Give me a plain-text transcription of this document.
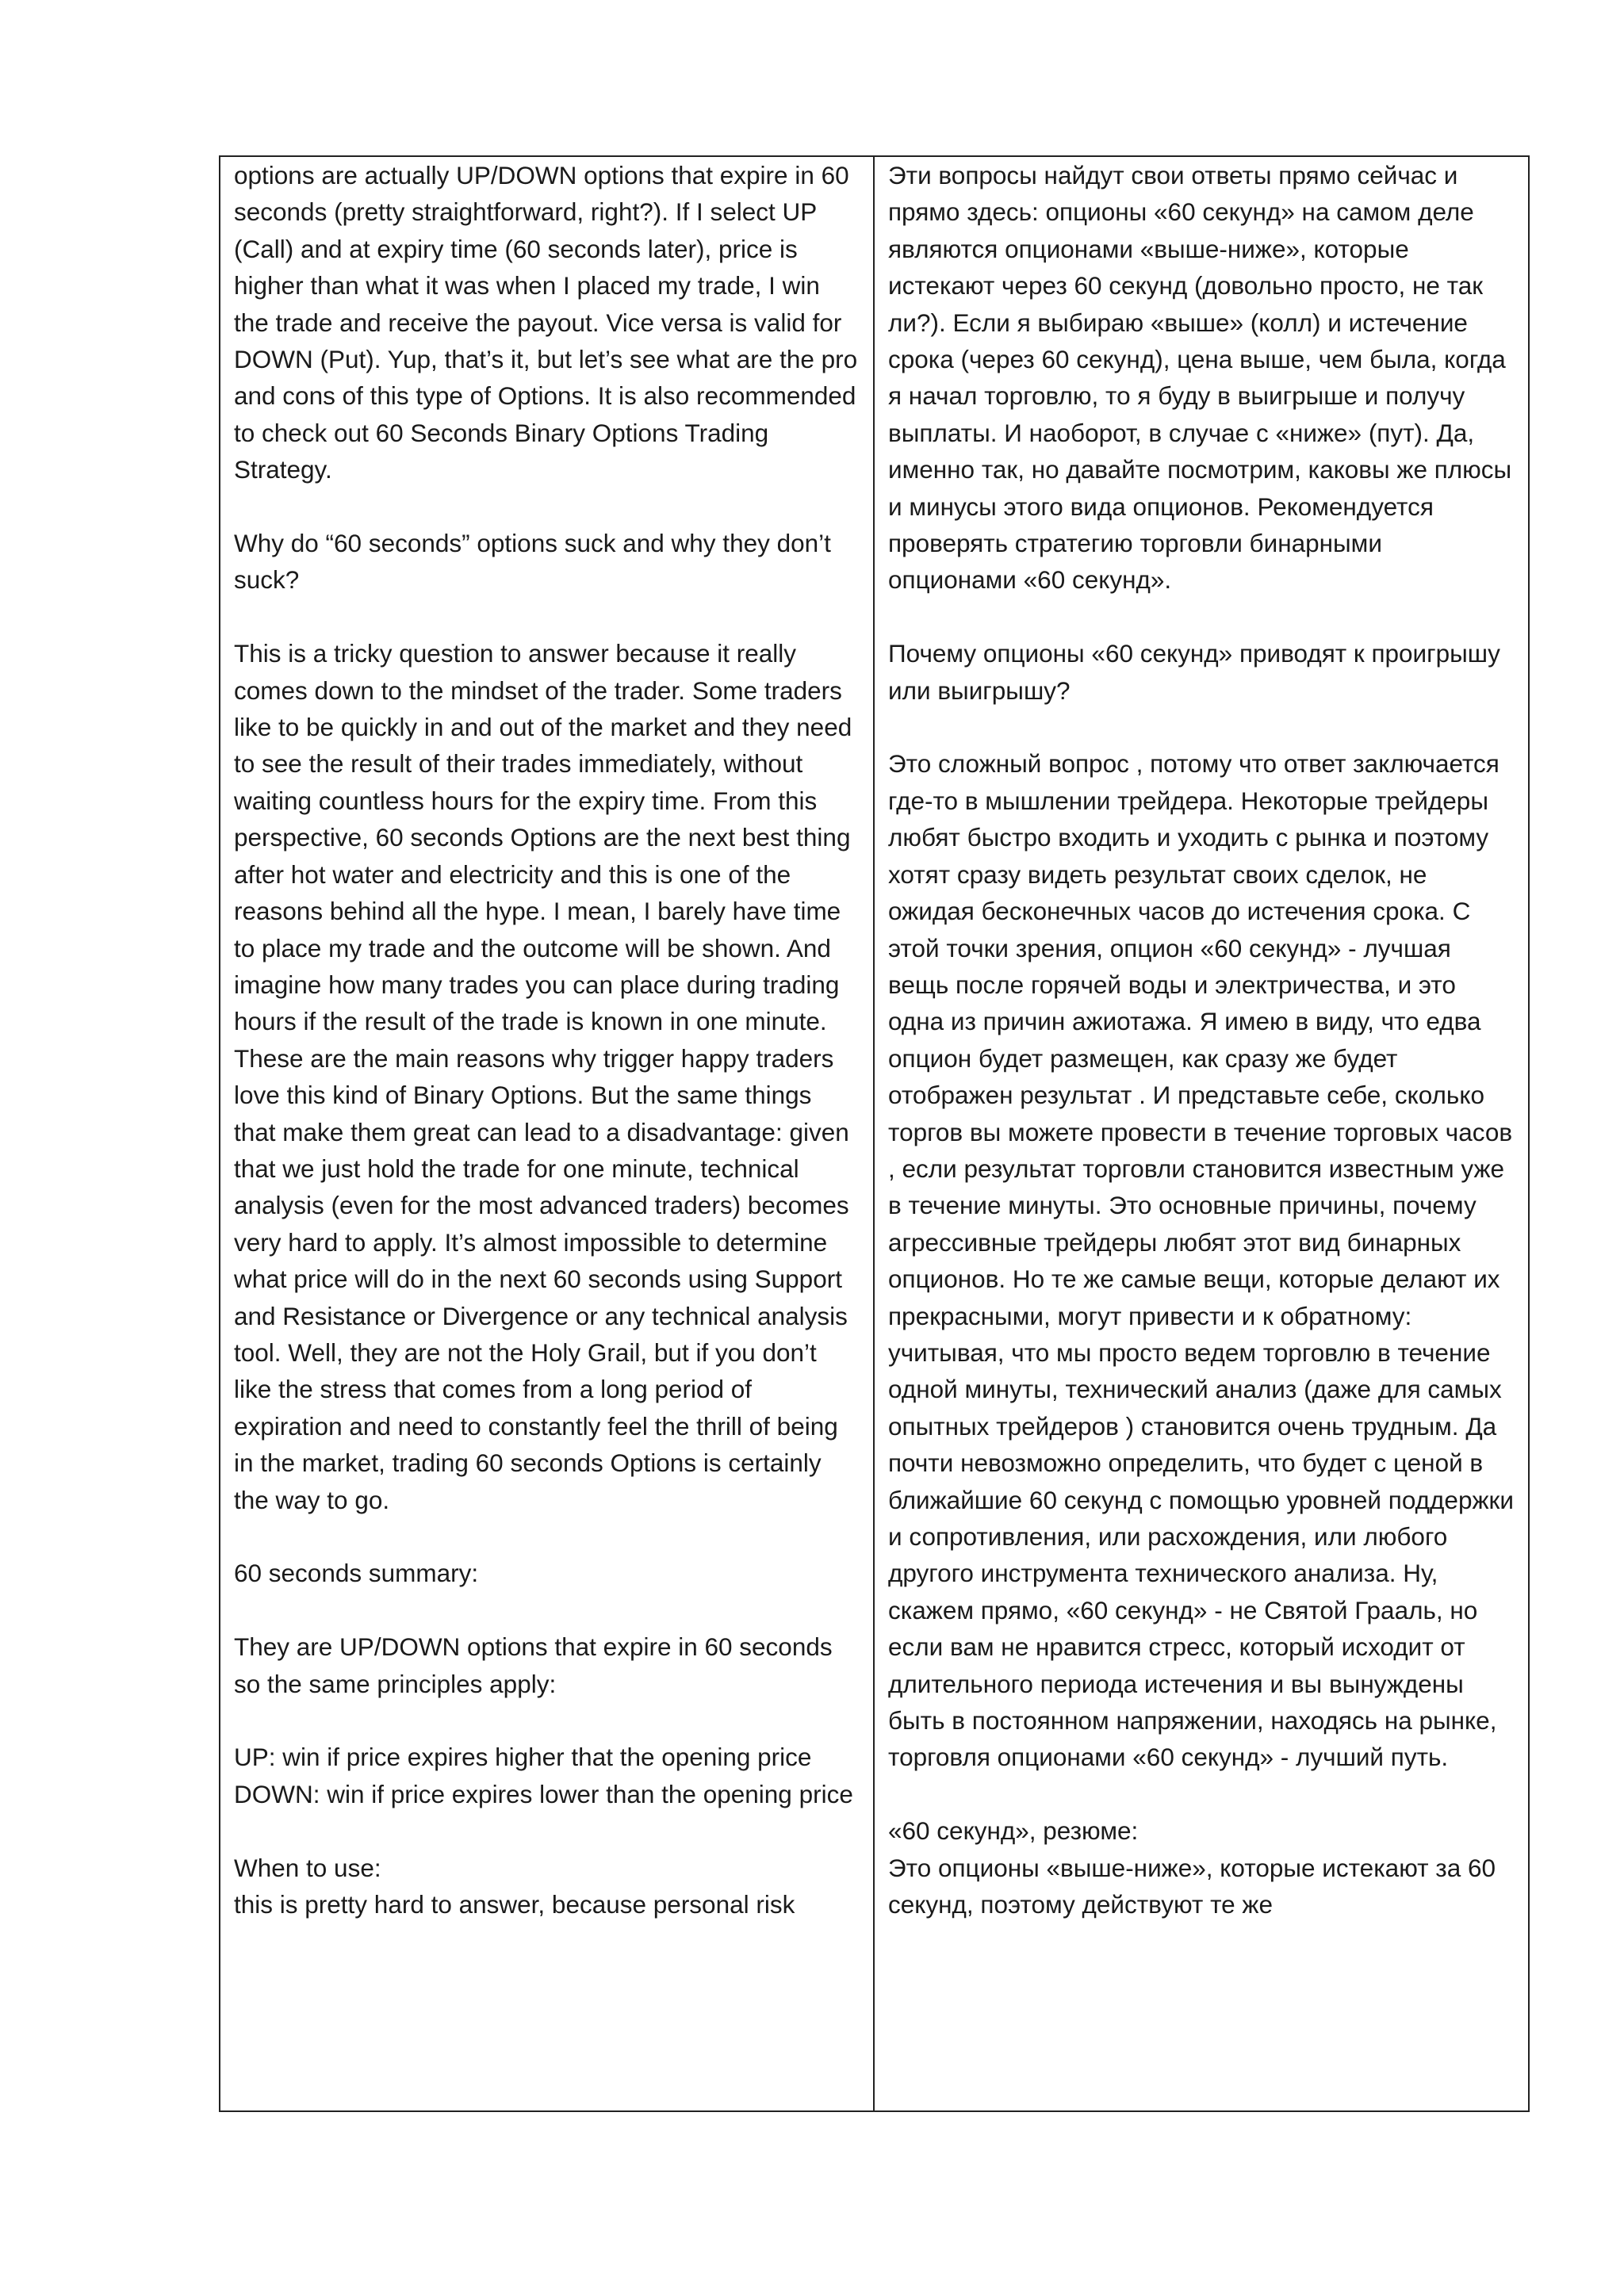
options are actually UP/DOWN options that expire in 60 seconds (pretty straightforward, right?). If I select UP (Call) and at expiry time (60 seconds later), price is higher than what it was when I placed my trade, I win the trade and receive the payout. Vice versa is valid for DOWN (Put). Yup, that’s it, but let’s see what are the pro and cons of this type of Options. It is also recommended to check out 60 Seconds Binary Options Trading Strategy.

Why do “60 seconds” options suck and why they don’t suck?

This is a tricky question to answer because it really comes down to the mindset of the trader. Some traders like to be quickly in and out of the market and they need to see the result of their trades immediately, without waiting countless hours for the expiry time. From this perspective, 60 seconds Options are the next best thing after hot water and electricity and this is one of the reasons behind all the hype. I mean, I barely have time to place my trade and the outcome will be shown. And imagine how many trades you can place during trading hours if the result of the trade is known in one minute. These are the main reasons why trigger happy traders love this kind of Binary Options. But the same things that make them great can lead to a disadvantage: given that we just hold the trade for one minute, technical analysis (even for the most advanced traders) becomes very hard to apply. It’s almost impossible to determine what price will do in the next 60 seconds using Support and Resistance or Divergence or any technical analysis tool. Well, they are not the Holy Grail, but if you don’t like the stress that comes from a long period of expiration and need to constantly feel the thrill of being in the market, trading 60 seconds Options is certainly the way to go.

60 seconds summary:

They are UP/DOWN options that expire in 60 seconds so the same principles apply:

UP: win if price expires higher that the opening price
DOWN: win if price expires lower than the opening price

When to use:
this is pretty hard to answer, because personal risk

Эти вопросы найдут свои ответы прямо сейчас и прямо здесь: опционы «60 секунд» на самом деле являются опционами «выше-ниже», которые истекают через 60 секунд (довольно просто, не так ли?). Если я выбираю «выше» (колл) и истечение срока (через 60 секунд), цена выше, чем была, когда я начал торговлю, то я буду в выигрыше и получу выплаты. И наоборот, в случае с «ниже» (пут). Да, именно так, но давайте посмотрим, каковы же плюсы и минусы этого вида опционов. Рекомендуется проверять стратегию торговли бинарными опционами «60 секунд».

Почему опционы «60 секунд» приводят к проигрышу или выигрышу?

Это сложный вопрос , потому что ответ заключается где-то в мышлении трейдера. Некоторые трейдеры любят быстро входить и уходить с рынка и поэтому хотят сразу видеть результат своих сделок, не ожидая бесконечных часов до истечения срока. С этой точки зрения, опцион «60 секунд» - лучшая вещь после горячей воды и электричества, и это одна из причин ажиотажа. Я имею в виду, что едва опцион будет размещен, как сразу же будет отображен результат . И представьте себе, сколько торгов вы можете провести в течение торговых часов , если результат торговли становится известным уже в течение минуты. Это основные причины, почему агрессивные трейдеры любят этот вид бинарных опционов. Но те же самые вещи, которые делают их прекрасными, могут привести и к обратному: учитывая, что мы просто ведем торговлю в течение одной минуты, технический анализ (даже для самых опытных трейдеров ) становится очень трудным. Да почти невозможно определить, что будет с ценой в ближайшие 60 секунд с помощью уровней поддержки и сопротивления, или расхождения, или любого другого инструмента технического анализа. Ну, скажем прямо, «60 секунд» - не Святой Грааль, но если вам не нравится стресс, который исходит от длительного периода истечения и вы вынуждены быть в постоянном напряжении, находясь на рынке, торговля опционами «60 секунд» - лучший путь.

«60 секунд», резюме:
Это опционы «выше-ниже», которые истекают за 60 секунд, поэтому действуют те же
